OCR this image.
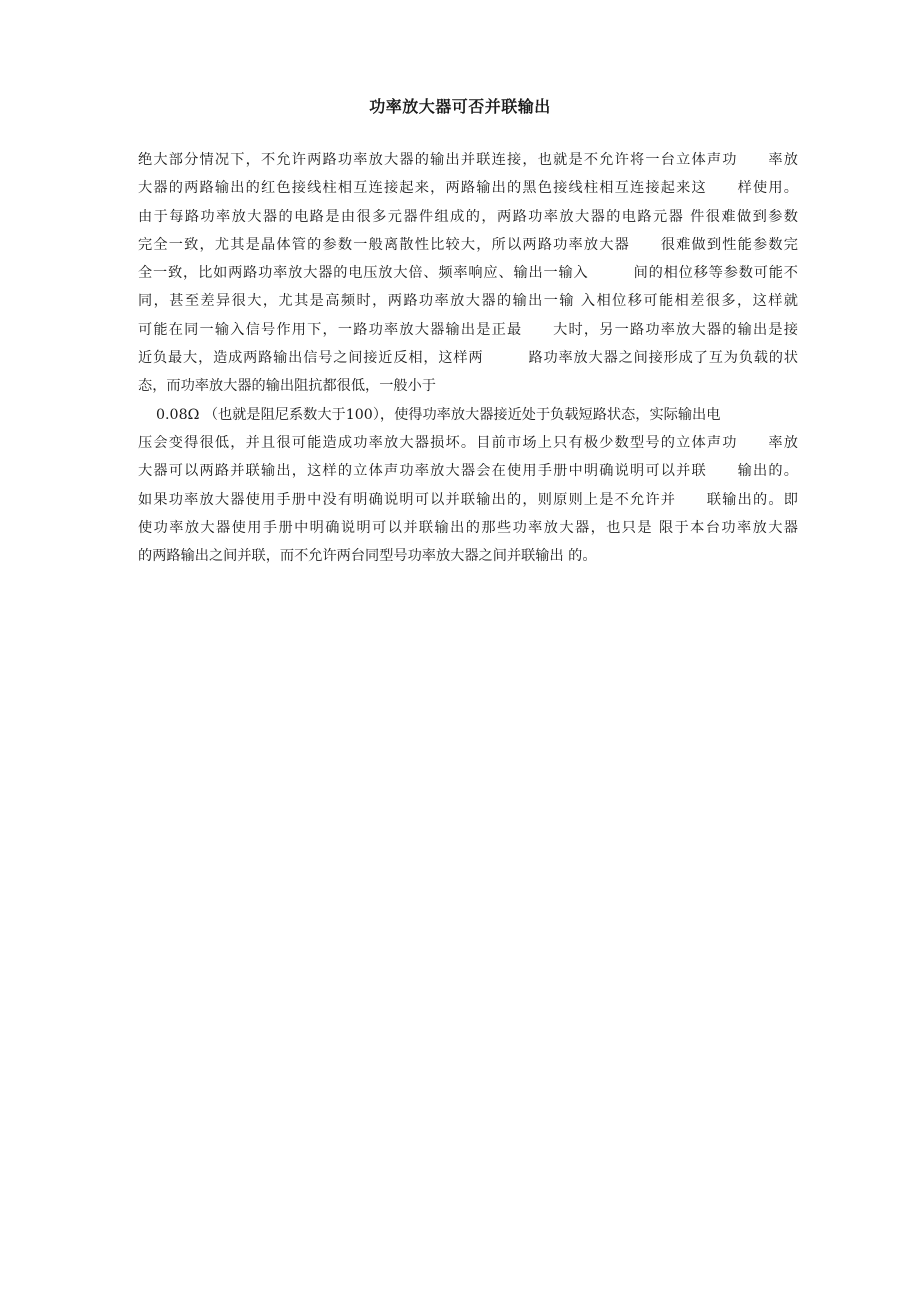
功率放大器可否并联输出
绝大部分情况下，不允许两路功率放大器的输出并联连接，也就是不允许将一台立体声功　　率放
大器的两路输出的红色接线柱相互连接起来，两路输出的黑色接线柱相互连接起来这　　样使用。
由于每路功率放大器的电路是由很多元器件组成的，两路功率放大器的电路元器 件很难做到参数
完全一致，尤其是晶体管的参数一般离散性比较大，所以两路功率放大器　　很难做到性能参数完
全一致，比如两路功率放大器的电压放大倍、频率响应、输出一输入　　　间的相位移等参数可能不
同，甚至差异很大，尤其是高频时，两路功率放大器的输出一输 入相位移可能相差很多，这样就
可能在同一输入信号作用下，一路功率放大器输出是正最　　大时，另一路功率放大器的输出是接
近负最大，造成两路输出信号之间接近反相，这样两　　　路功率放大器之间接形成了互为负载的状
态，而功率放大器的输出阻抗都很低，一般小于
0.08Ω （也就是阻尼系数大于100），使得功率放大器接近处于负载短路状态，实际输出电
压会变得很低，并且很可能造成功率放大器损坏。目前市场上只有极少数型号的立体声功　　率放
大器可以两路并联输出，这样的立体声功率放大器会在使用手册中明确说明可以并联　　输出的。
如果功率放大器使用手册中没有明确说明可以并联输出的，则原则上是不允许并　　联输出的。即
使功率放大器使用手册中明确说明可以并联输出的那些功率放大器，也只是 限于本台功率放大器
的两路输出之间并联，而不允许两台同型号功率放大器之间并联输出 的。
